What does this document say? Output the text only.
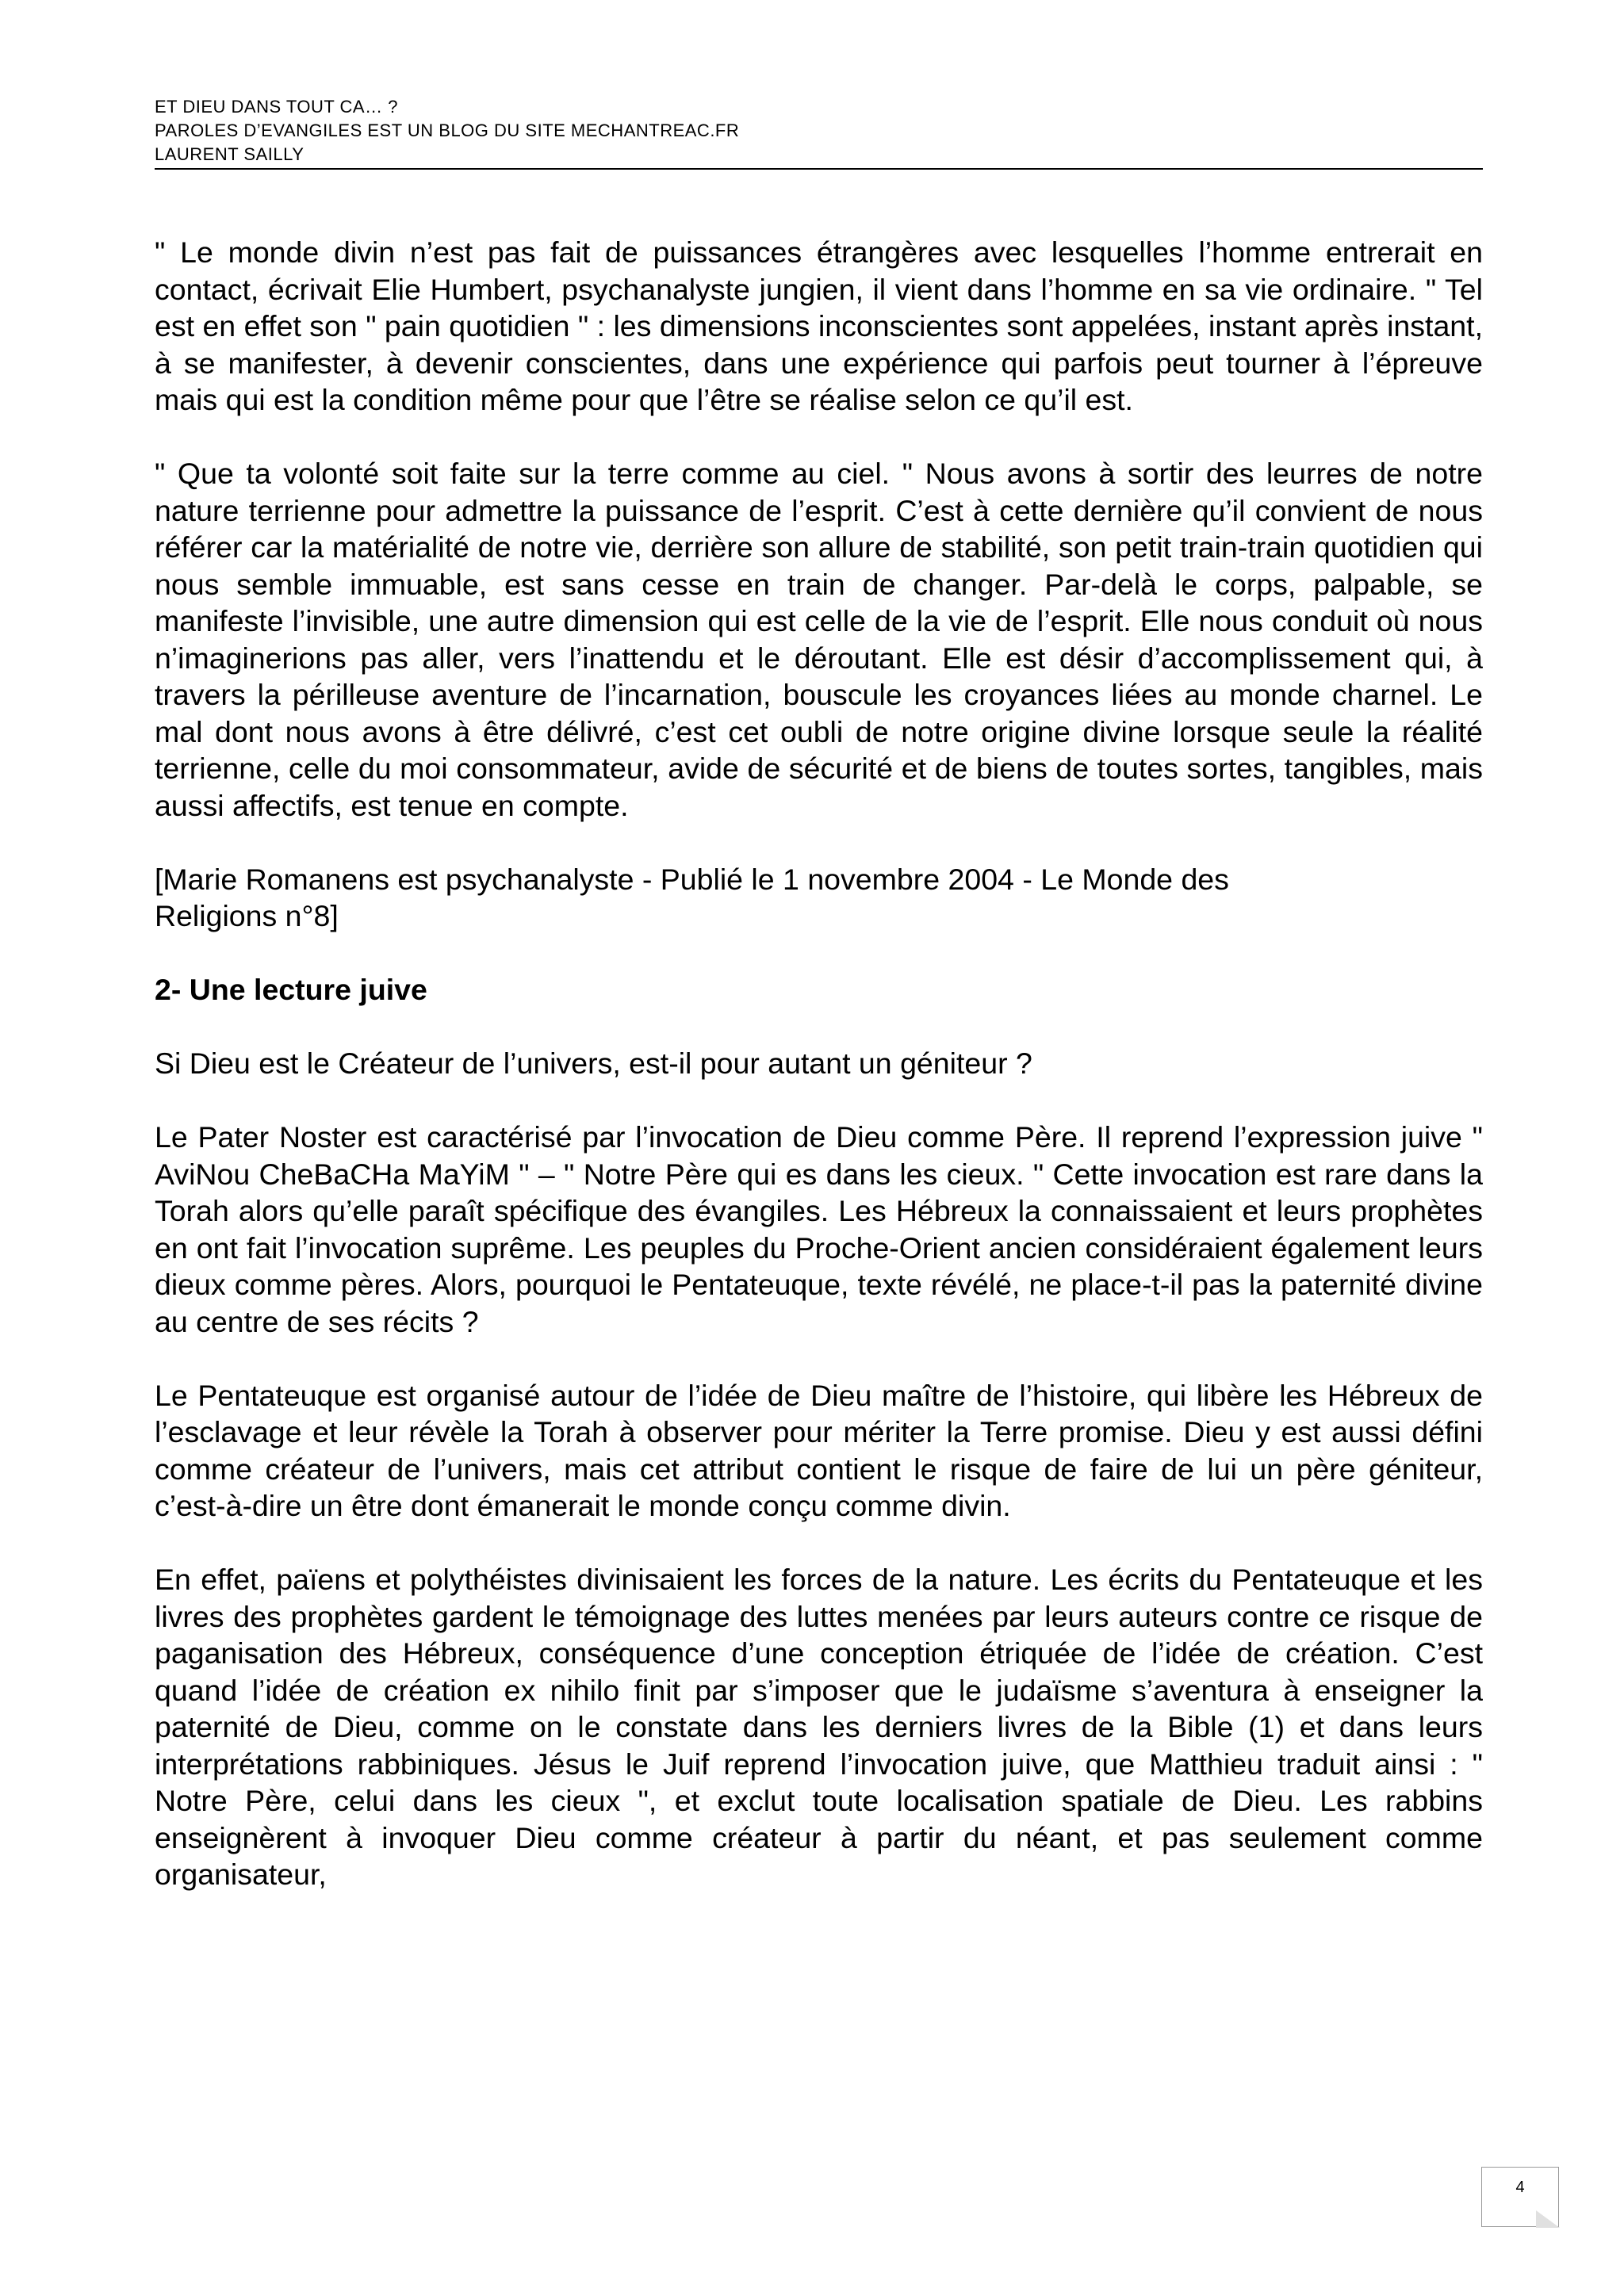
ET DIEU DANS TOUT CA… ?
PAROLES D’EVANGILES EST UN BLOG DU SITE MECHANTREAC.FR
LAURENT SAILLY

" Le monde divin n’est pas fait de puissances étrangères avec lesquelles l’homme entrerait en contact, écrivait Elie Humbert, psychanalyste jungien, il vient dans l’homme en sa vie ordinaire. " Tel est en effet son " pain quotidien " : les dimensions inconscientes sont appelées, instant après instant, à se manifester, à devenir conscientes, dans une expérience qui parfois peut tourner à l’épreuve mais qui est la condition même pour que l’être se réalise selon ce qu’il est.

" Que ta volonté soit faite sur la terre comme au ciel. " Nous avons à sortir des leurres de notre nature terrienne pour admettre la puissance de l’esprit. C’est à cette dernière qu’il convient de nous référer car la matérialité de notre vie, derrière son allure de stabilité, son petit train-train quotidien qui nous semble immuable, est sans cesse en train de changer. Par-delà le corps, palpable, se manifeste l’invisible, une autre dimension qui est celle de la vie de l’esprit. Elle nous conduit où nous n’imaginerions pas aller, vers l’inattendu et le déroutant. Elle est désir d’accomplissement qui, à travers la périlleuse aventure de l’incarnation, bouscule les croyances liées au monde charnel. Le mal dont nous avons à être délivré, c’est cet oubli de notre origine divine lorsque seule la réalité terrienne, celle du moi consommateur, avide de sécurité et de biens de toutes sortes, tangibles, mais aussi affectifs, est tenue en compte.

[Marie Romanens est psychanalyste - Publié le 1 novembre 2004 - Le Monde des
Religions n°8]

2- Une lecture juive

Si Dieu est le Créateur de l’univers, est-il pour autant un géniteur ?

Le Pater Noster est caractérisé par l’invocation de Dieu comme Père. Il reprend l’expression juive " AviNou CheBaCHa MaYiM " – " Notre Père qui es dans les cieux. " Cette invocation est rare dans la Torah alors qu’elle paraît spécifique des évangiles. Les Hébreux la connaissaient et leurs prophètes en ont fait l’invocation suprême. Les peuples du Proche-Orient ancien considéraient également leurs dieux comme pères. Alors, pourquoi le Pentateuque, texte révélé, ne place-t-il pas la paternité divine au centre de ses récits ?

Le Pentateuque est organisé autour de l’idée de Dieu maître de l’histoire, qui libère les Hébreux de l’esclavage et leur révèle la Torah à observer pour mériter la Terre promise. Dieu y est aussi défini comme créateur de l’univers, mais cet attribut contient le risque de faire de lui un père géniteur, c’est-à-dire un être dont émanerait le monde conçu comme divin.

En effet, païens et polythéistes divinisaient les forces de la nature. Les écrits du Pentateuque et les livres des prophètes gardent le témoignage des luttes menées par leurs auteurs contre ce risque de paganisation des Hébreux, conséquence d’une conception étriquée de l’idée de création. C’est quand l’idée de création ex nihilo finit par s’imposer que le judaïsme s’aventura à enseigner la paternité de Dieu, comme on le constate dans les derniers livres de la Bible (1) et dans leurs interprétations rabbiniques. Jésus le Juif reprend l’invocation juive, que Matthieu traduit ainsi : " Notre Père, celui dans les cieux ", et exclut toute localisation spatiale de Dieu. Les rabbins enseignèrent à invoquer Dieu comme créateur à partir du néant, et pas seulement comme organisateur,

4
